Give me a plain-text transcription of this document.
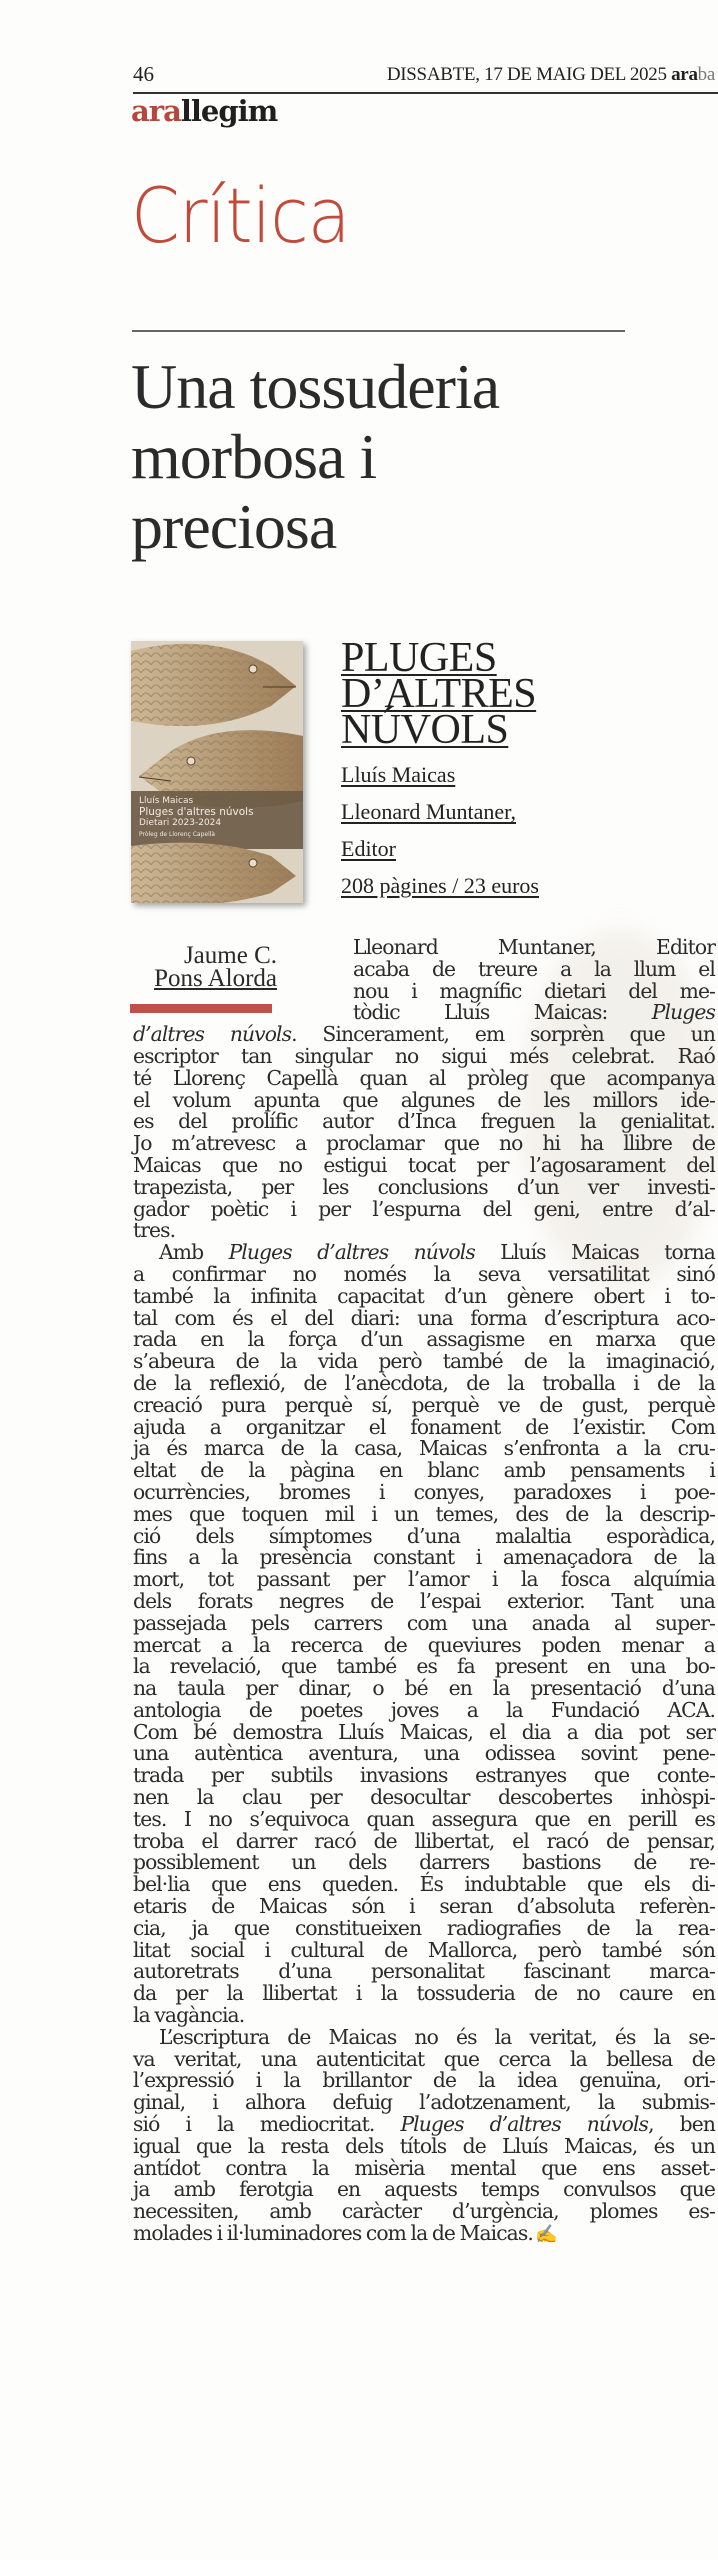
46	DISSABTE, 17 DE MAIG DEL 2025 araba
arallegim
Crítica
Una tossuderia
morbosa i
preciosa
Lluís Maicas
Pluges d'altres núvols
Dietari 2023-2024
Pròleg de Llorenç Capellà
PLUGES
D’ALTRES
NÚVOLS
Lluís Maicas
Lleonard Muntaner,
Editor
208 pàgines / 23 euros
Jaume C.
Pons Alorda
Lleonard Muntaner, Editor
acaba de treure a la llum el
nou i magnífic dietari del me-
tòdic Lluís Maicas: Pluges
d’altres núvols. Sincerament, em sorprèn que un
escriptor tan singular no sigui més celebrat. Raó
té Llorenç Capellà quan al pròleg que acompanya
el volum apunta que algunes de les millors ide-
es del prolífic autor d’Inca freguen la genialitat.
Jo m’atrevesc a proclamar que no hi ha llibre de
Maicas que no estigui tocat per l’agosarament del
trapezista, per les conclusions d’un ver investi-
gador poètic i per l’espurna del geni, entre d’al-
tres.
Amb Pluges d’altres núvols Lluís Maicas torna
a confirmar no només la seva versatilitat sinó
també la infinita capacitat d’un gènere obert i to-
tal com és el del diari: una forma d’escriptura aco-
rada en la força d’un assagisme en marxa que
s’abeura de la vida però també de la imaginació,
de la reflexió, de l’anècdota, de la troballa i de la
creació pura perquè sí, perquè ve de gust, perquè
ajuda a organitzar el fonament de l’existir. Com
ja és marca de la casa, Maicas s’enfronta a la cru-
eltat de la pàgina en blanc amb pensaments i
ocurrències, bromes i conyes, paradoxes i poe-
mes que toquen mil i un temes, des de la descrip-
ció dels símptomes d’una malaltia esporàdica,
fins a la presència constant i amenaçadora de la
mort, tot passant per l’amor i la fosca alquímia
dels forats negres de l’espai exterior. Tant una
passejada pels carrers com una anada al super-
mercat a la recerca de queviures poden menar a
la revelació, que també es fa present en una bo-
na taula per dinar, o bé en la presentació d’una
antologia de poetes joves a la Fundació ACA.
Com bé demostra Lluís Maicas, el dia a dia pot ser
una autèntica aventura, una odissea sovint pene-
trada per subtils invasions estranyes que conte-
nen la clau per desocultar descobertes inhòspi-
tes. I no s’equivoca quan assegura que en perill es
troba el darrer racó de llibertat, el racó de pensar,
possiblement un dels darrers bastions de re-
bel·lia que ens queden. És indubtable que els di-
etaris de Maicas són i seran d’absoluta referèn-
cia, ja que constitueixen radiografies de la rea-
litat social i cultural de Mallorca, però també són
autoretrats d’una personalitat fascinant marca-
da per la llibertat i la tossuderia de no caure en
la vagància.
L’escriptura de Maicas no és la veritat, és la se-
va veritat, una autenticitat que cerca la bellesa de
l’expressió i la brillantor de la idea genuïna, ori-
ginal, i alhora defuig l’adotzenament, la submis-
sió i la mediocritat. Pluges d’altres núvols, ben
igual que la resta dels títols de Lluís Maicas, és un
antídot contra la misèria mental que ens asset-
ja amb ferotgia en aquests temps convulsos que
necessiten, amb caràcter d’urgència, plomes es-
molades i il·luminadores com la de Maicas. ✍
